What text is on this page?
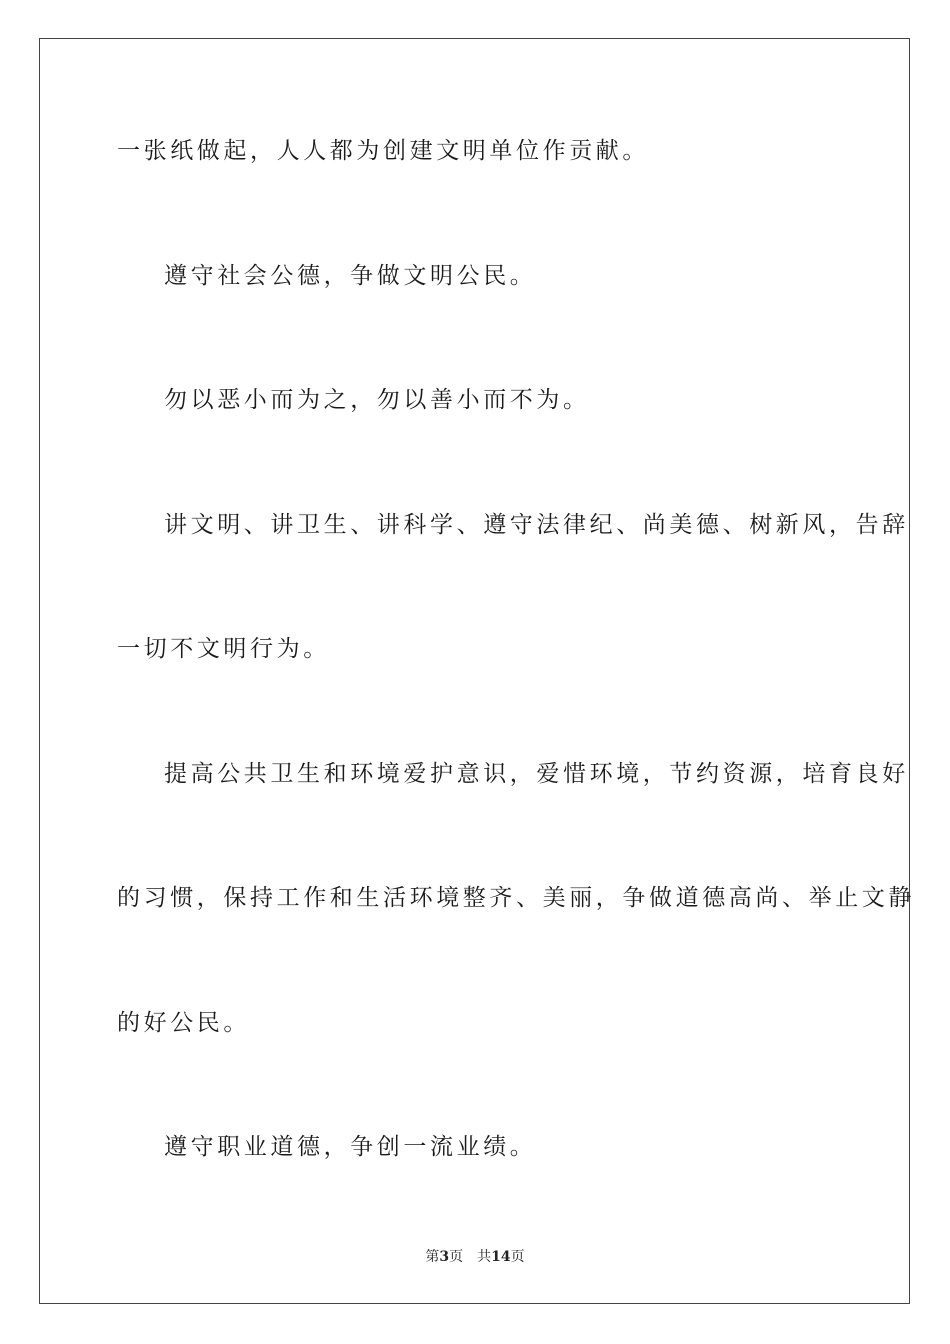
一张纸做起，人人都为创建文明单位作贡献。
遵守社会公德，争做文明公民。
勿以恶小而为之，勿以善小而不为。
讲文明、讲卫生、讲科学、遵守法律纪、尚美德、树新风，告辞
一切不文明行为。
提高公共卫生和环境爱护意识，爱惜环境，节约资源，培育良好
的习惯，保持工作和生活环境整齐、美丽，争做道德高尚、举止文静
的好公民。
遵守职业道德，争创一流业绩。
第3页 共14页
